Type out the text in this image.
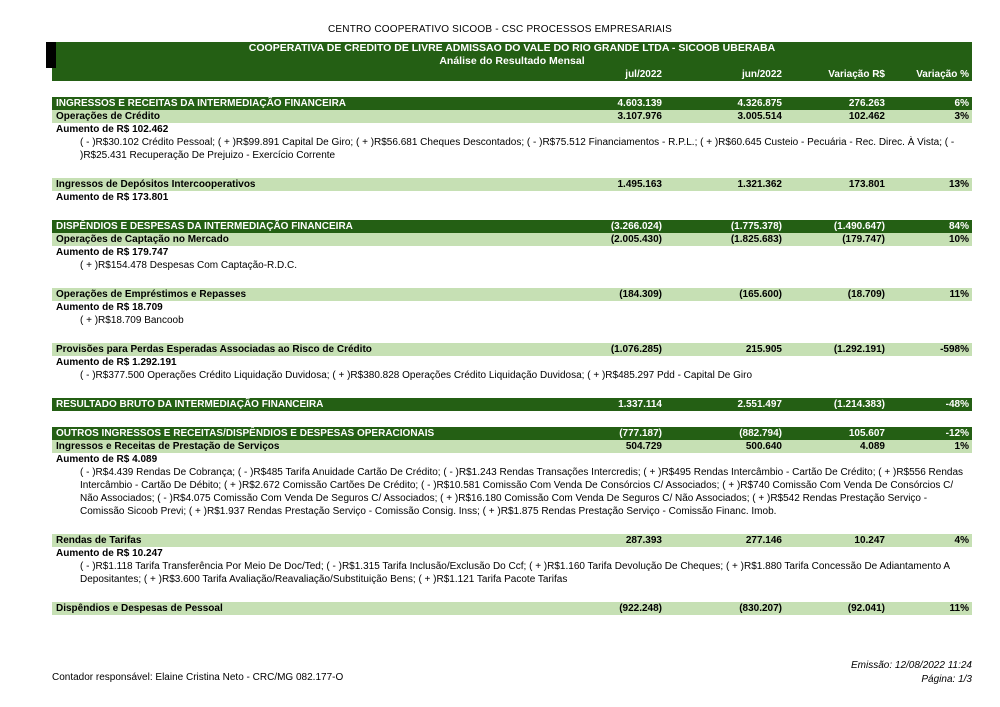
CENTRO COOPERATIVO SICOOB - CSC PROCESSOS EMPRESARIAIS
COOPERATIVA DE CREDITO DE LIVRE ADMISSAO DO VALE DO RIO GRANDE LTDA - SICOOB UBERABA
Análise do Resultado Mensal
jul/2022	jun/2022	Variação R$	Variação %
INGRESSOS E RECEITAS DA INTERMEDIAÇÃO FINANCEIRA	4.603.139	4.326.875	276.263	6%
Operações de Crédito	3.107.976	3.005.514	102.462	3%
Aumento de R$ 102.462
( - )R$30.102 Crédito Pessoal; ( + )R$99.891 Capital De Giro; ( + )R$56.681 Cheques Descontados; ( - )R$75.512 Financiamentos - R.P.L.; ( + )R$60.645 Custeio - Pecuária - Rec. Direc. À Vista; ( - )R$25.431 Recuperação De Prejuizo - Exercício Corrente
Ingressos de Depósitos Intercooperativos	1.495.163	1.321.362	173.801	13%
Aumento de R$ 173.801
DISPÊNDIOS E DESPESAS DA INTERMEDIAÇÃO FINANCEIRA	(3.266.024)	(1.775.378)	(1.490.647)	84%
Operações de Captação no Mercado	(2.005.430)	(1.825.683)	(179.747)	10%
Aumento de R$ 179.747
( + )R$154.478 Despesas Com Captação-R.D.C.
Operações de Empréstimos e Repasses	(184.309)	(165.600)	(18.709)	11%
Aumento de R$ 18.709
( + )R$18.709 Bancoob
Provisões para Perdas Esperadas Associadas ao Risco de Crédito	(1.076.285)	215.905	(1.292.191)	-598%
Aumento de R$ 1.292.191
( - )R$377.500 Operações Crédito Liquidação Duvidosa; ( + )R$380.828 Operações Crédito Liquidação Duvidosa; ( + )R$485.297 Pdd - Capital De Giro
RESULTADO BRUTO DA INTERMEDIAÇÃO FINANCEIRA	1.337.114	2.551.497	(1.214.383)	-48%
OUTROS INGRESSOS E RECEITAS/DISPÊNDIOS E DESPESAS OPERACIONAIS	(777.187)	(882.794)	105.607	-12%
Ingressos e Receitas de Prestação de Serviços	504.729	500.640	4.089	1%
Aumento de R$ 4.089
( - )R$4.439 Rendas De Cobrança; ( - )R$485 Tarifa Anuidade Cartão De Crédito; ( - )R$1.243 Rendas Transações Intercredis; ( + )R$495 Rendas Intercâmbio - Cartão De Crédito; ( + )R$556 Rendas Intercâmbio - Cartão De Débito; ( + )R$2.672 Comissão Cartões De Crédito; ( - )R$10.581 Comissão Com Venda De Consórcios C/ Associados; ( + )R$740 Comissão Com Venda De Consórcios C/ Não Associados; ( - )R$4.075 Comissão Com Venda De Seguros C/ Associados; ( + )R$16.180 Comissão Com Venda De Seguros C/ Não Associados; ( + )R$542 Rendas Prestação Serviço - Comissão Sicoob Previ; ( + )R$1.937 Rendas Prestação Serviço - Comissão Consig. Inss; ( + )R$1.875 Rendas Prestação Serviço - Comissão Financ. Imob.
Rendas de Tarifas	287.393	277.146	10.247	4%
Aumento de R$ 10.247
( - )R$1.118 Tarifa Transferência Por Meio De Doc/Ted; ( - )R$1.315 Tarifa Inclusão/Exclusão Do Ccf; ( + )R$1.160 Tarifa Devolução De Cheques; ( + )R$1.880 Tarifa Concessão De Adiantamento A Depositantes; ( + )R$3.600 Tarifa Avaliação/Reavaliação/Substituição Bens; ( + )R$1.121 Tarifa Pacote Tarifas
Dispêndios e Despesas de Pessoal	(922.248)	(830.207)	(92.041)	11%
Contador responsável: Elaine Cristina Neto - CRC/MG 082.177-O
Emissão: 12/08/2022 11:24
Página: 1/3
